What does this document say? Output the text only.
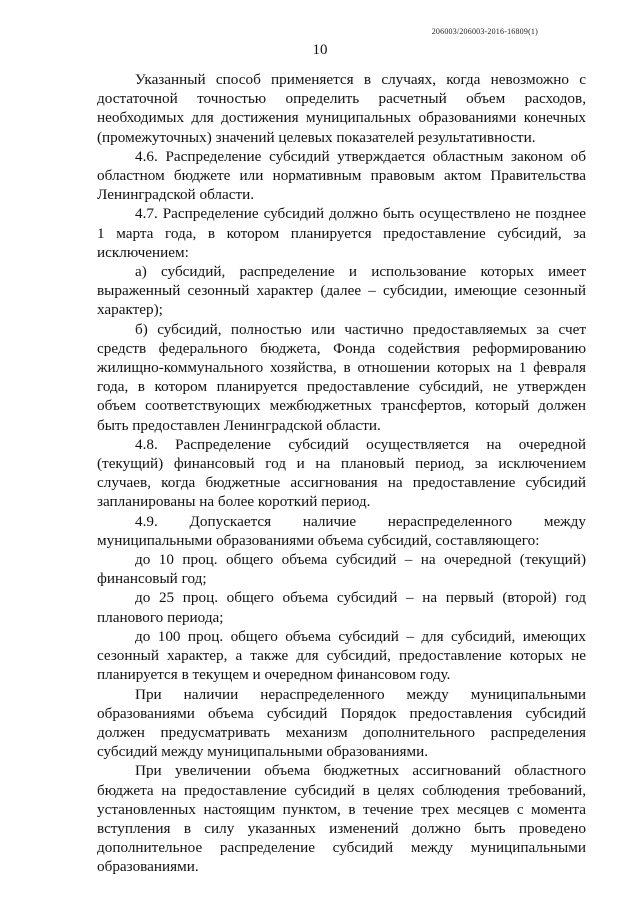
206003/206003-2016-16809(1)
10

Указанный способ применяется в случаях, когда невозможно с достаточной точностью определить расчетный объем расходов, необходимых для достижения муниципальных образованиями конечных (промежуточных) значений целевых показателей результативности.

4.6. Распределение субсидий утверждается областным законом об областном бюджете или нормативным правовым актом Правительства Ленинградской области.

4.7. Распределение субсидий должно быть осуществлено не позднее 1 марта года, в котором планируется предоставление субсидий, за исключением:

а) субсидий, распределение и использование которых имеет выраженный сезонный характер (далее – субсидии, имеющие сезонный характер);

б) субсидий, полностью или частично предоставляемых за счет средств федерального бюджета, Фонда содействия реформированию жилищно-коммунального хозяйства, в отношении которых на 1 февраля года, в котором планируется предоставление субсидий, не утвержден объем соответствующих межбюджетных трансфертов, который должен быть предоставлен Ленинградской области.

4.8. Распределение субсидий осуществляется на очередной (текущий) финансовый год и на плановый период, за исключением случаев, когда бюджетные ассигнования на предоставление субсидий запланированы на более короткий период.

4.9. Допускается наличие нераспределенного между муниципальными образованиями объема субсидий, составляющего:

до 10 проц. общего объема субсидий – на очередной (текущий) финансовый год;

до 25 проц. общего объема субсидий – на первый (второй) год планового периода;

до 100 проц. общего объема субсидий – для субсидий, имеющих сезонный характер, а также для субсидий, предоставление которых не планируется в текущем и очередном финансовом году.

При наличии нераспределенного между муниципальными образованиями объема субсидий Порядок предоставления субсидий должен предусматривать механизм дополнительного распределения субсидий между муниципальными образованиями.

При увеличении объема бюджетных ассигнований областного бюджета на предоставление субсидий в целях соблюдения требований, установленных настоящим пунктом, в течение трех месяцев с момента вступления в силу указанных изменений должно быть проведено дополнительное распределение субсидий между муниципальными образованиями.
